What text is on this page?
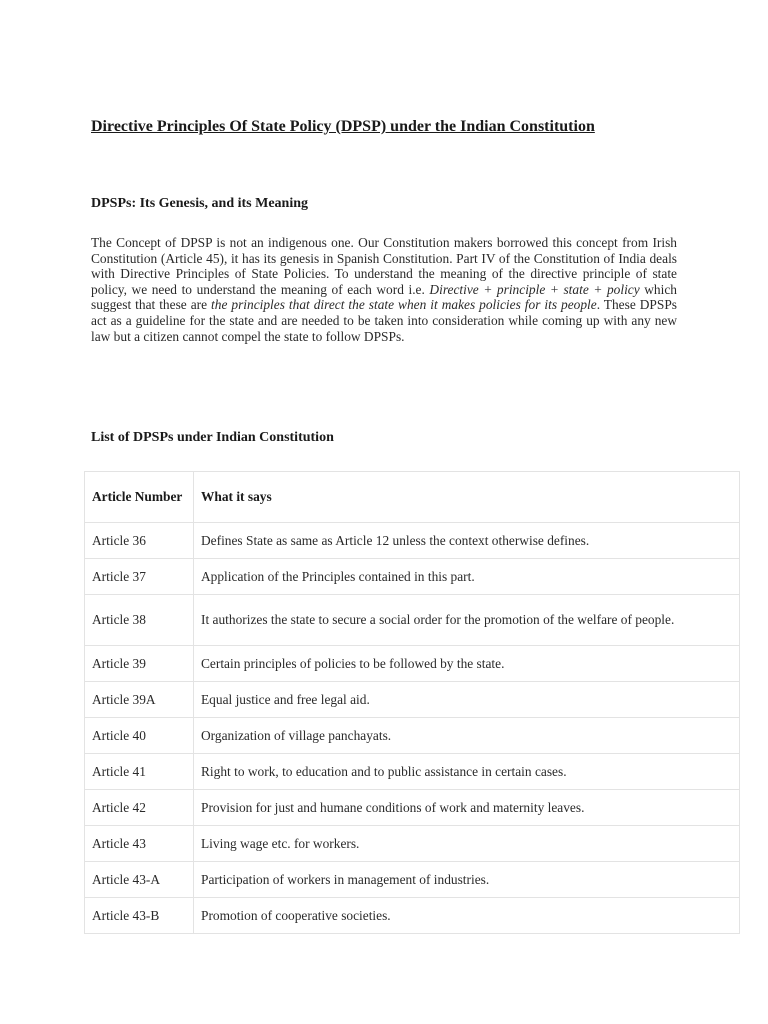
Directive Principles Of State Policy (DPSP) under the Indian Constitution
DPSPs: Its Genesis, and its Meaning

The Concept of DPSP is not an indigenous one. Our Constitution makers borrowed this concept from Irish Constitution (Article 45), it has its genesis in Spanish Constitution. Part IV of the Constitution of India deals with Directive Principles of State Policies. To understand the meaning of the directive principle of state policy, we need to understand the meaning of each word i.e. Directive + principle + state + policy which suggest that these are the principles that direct the state when it makes policies for its people. These DPSPs act as a guideline for the state and are needed to be taken into consideration while coming up with any new law but a citizen cannot compel the state to follow DPSPs.

List of DPSPs under Indian Constitution
Article Number	What it says
Article 36	Defines State as same as Article 12 unless the context otherwise defines.
Article 37	Application of the Principles contained in this part.
Article 38	It authorizes the state to secure a social order for the promotion of the welfare of people.
Article 39	Certain principles of policies to be followed by the state.
Article 39A	Equal justice and free legal aid.
Article 40	Organization of village panchayats.
Article 41	Right to work, to education and to public assistance in certain cases.
Article 42	Provision for just and humane conditions of work and maternity leaves.
Article 43	Living wage etc. for workers.
Article 43-A	Participation of workers in management of industries.
Article 43-B	Promotion of cooperative societies.
